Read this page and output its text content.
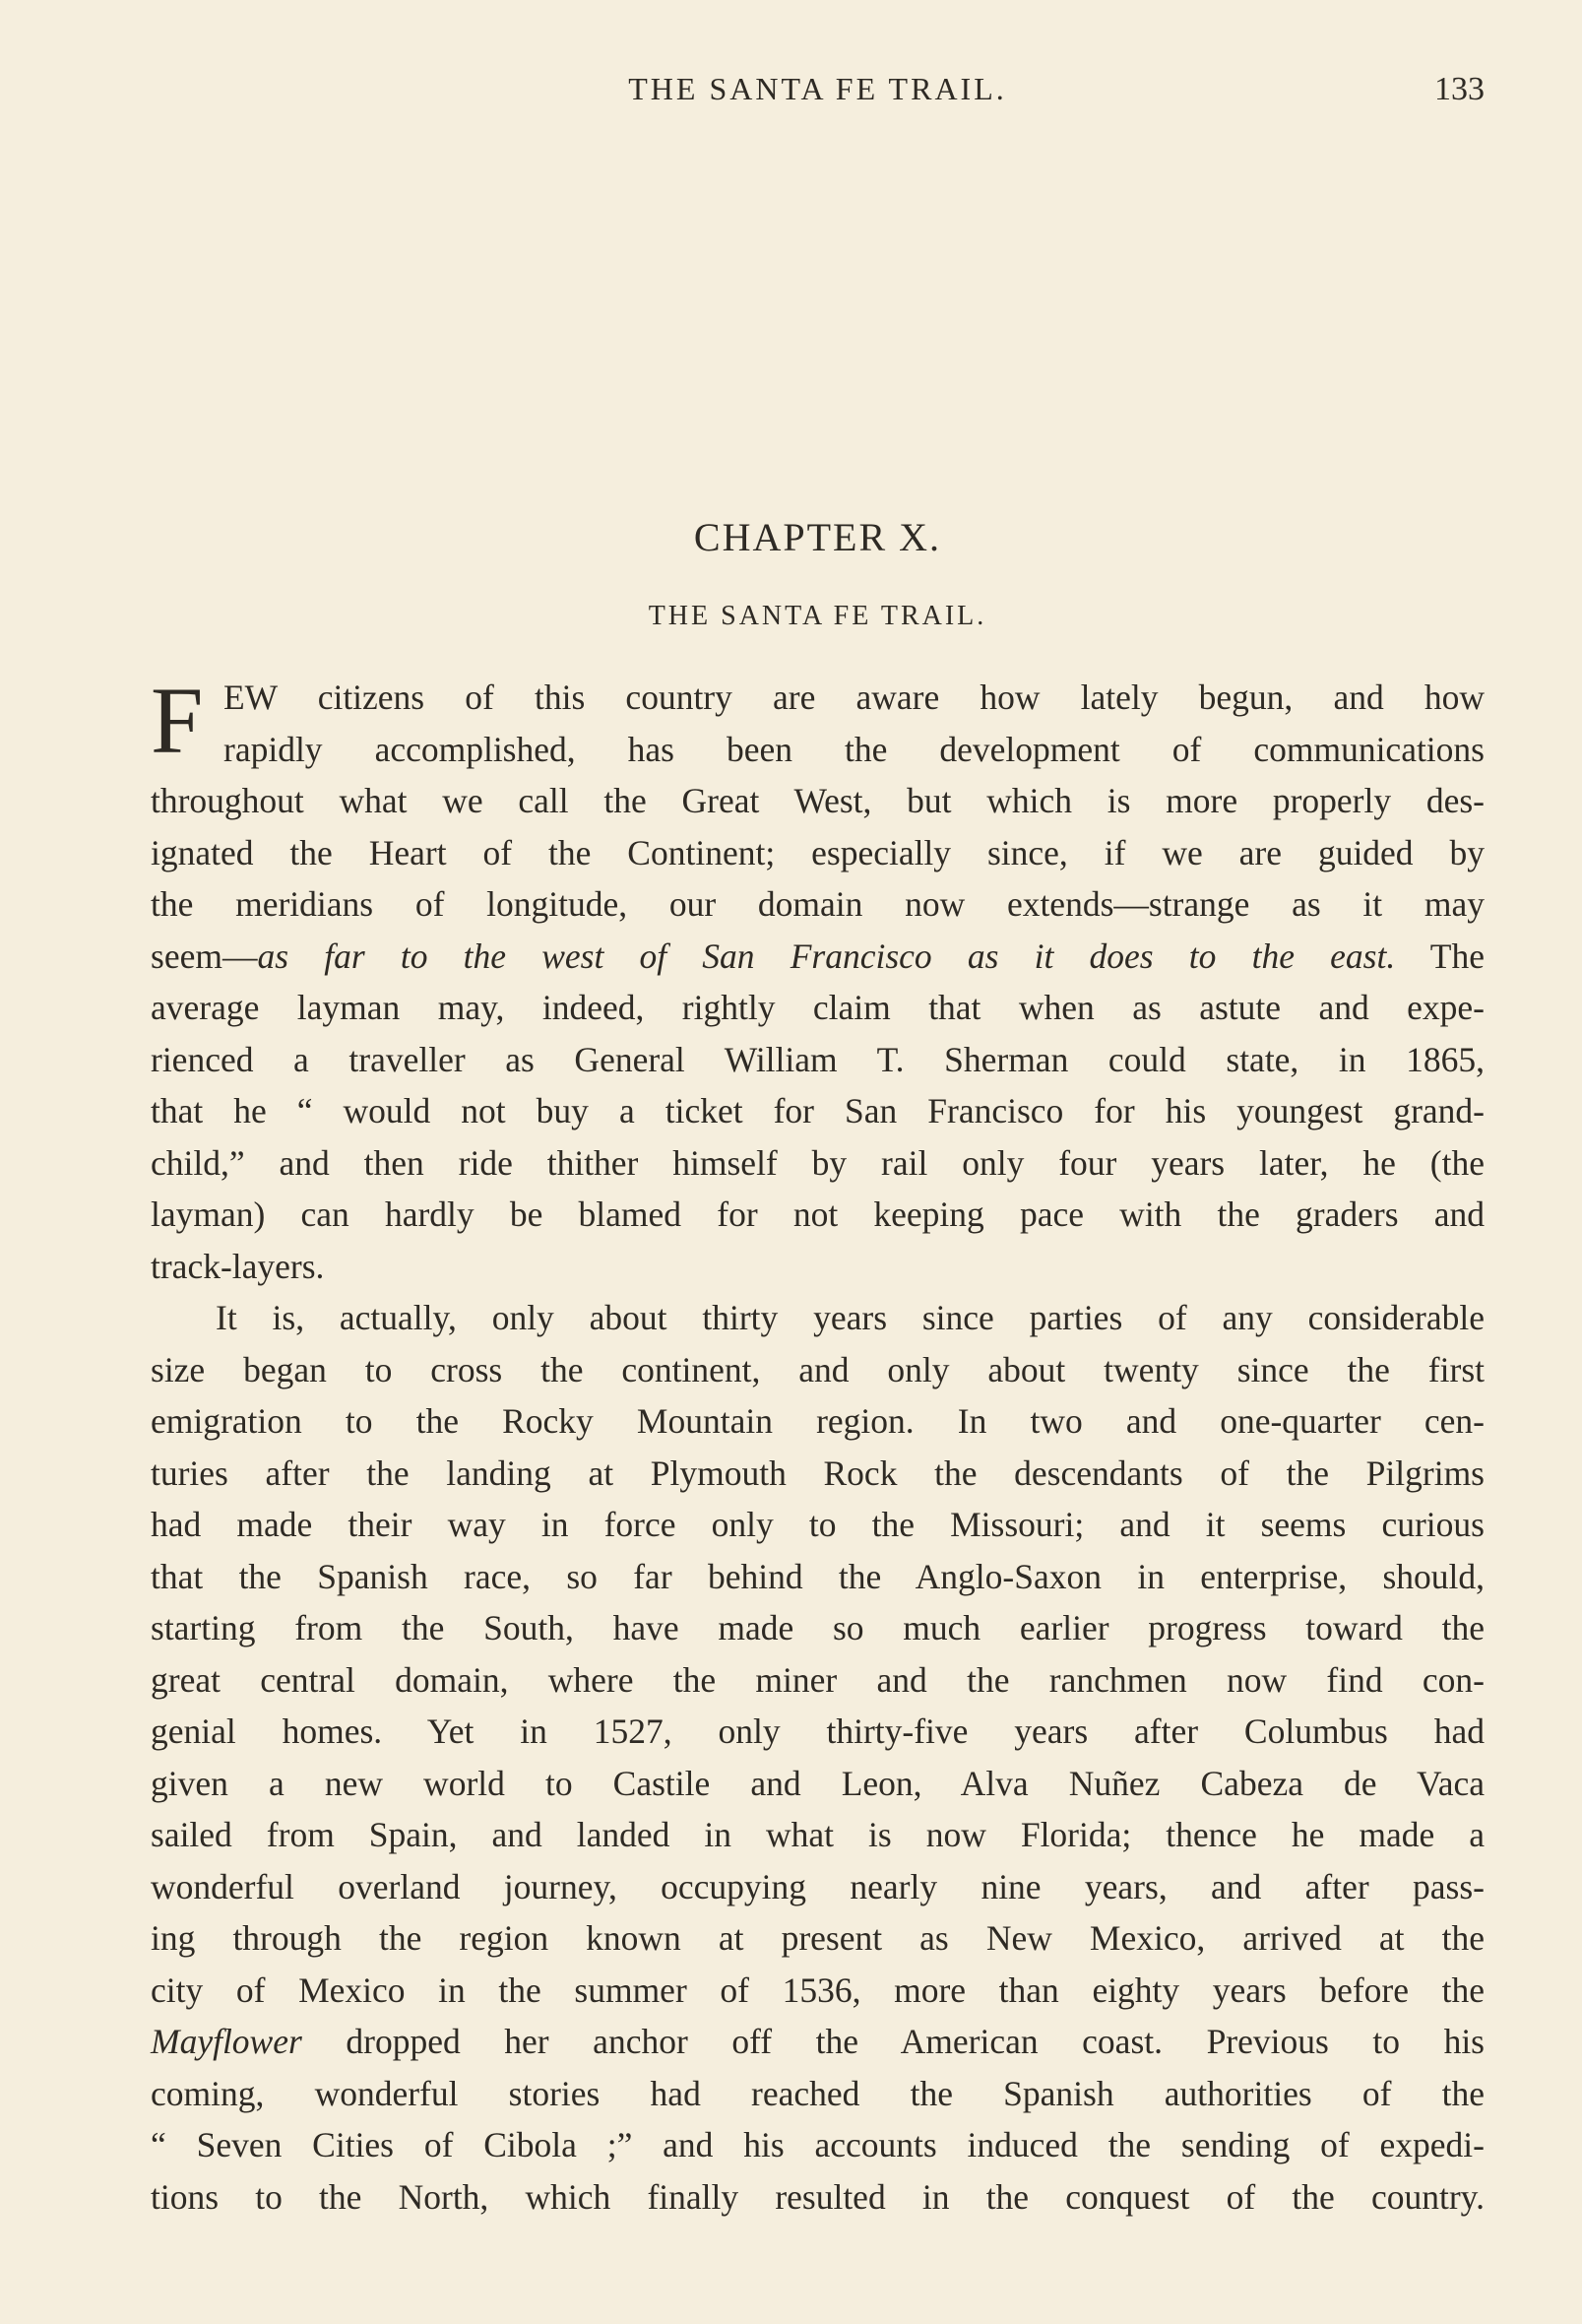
THE SANTA FE TRAIL.	133
CHAPTER X.
THE SANTA FE TRAIL.
F EW citizens of this country are aware how lately begun, and how
rapidly accomplished, has been the development of communications
throughout what we call the Great West, but which is more properly des-
ignated the Heart of the Continent; especially since, if we are guided by
the meridians of longitude, our domain now extends—strange as it may
seem—as far to the west of San Francisco as it does to the east. The
average layman may, indeed, rightly claim that when as astute and expe-
rienced a traveller as General William T. Sherman could state, in 1865,
that he “ would not buy a ticket for San Francisco for his youngest grand-
child,” and then ride thither himself by rail only four years later, he (the
layman) can hardly be blamed for not keeping pace with the graders and
track-layers.
It is, actually, only about thirty years since parties of any considerable
size began to cross the continent, and only about twenty since the first
emigration to the Rocky Mountain region. In two and one-quarter cen-
turies after the landing at Plymouth Rock the descendants of the Pilgrims
had made their way in force only to the Missouri; and it seems curious
that the Spanish race, so far behind the Anglo-Saxon in enterprise, should,
starting from the South, have made so much earlier progress toward the
great central domain, where the miner and the ranchmen now find con-
genial homes. Yet in 1527, only thirty-five years after Columbus had
given a new world to Castile and Leon, Alva Nuñez Cabeza de Vaca
sailed from Spain, and landed in what is now Florida; thence he made a
wonderful overland journey, occupying nearly nine years, and after pass-
ing through the region known at present as New Mexico, arrived at the
city of Mexico in the summer of 1536, more than eighty years before the
Mayflower dropped her anchor off the American coast. Previous to his
coming, wonderful stories had reached the Spanish authorities of the
“ Seven Cities of Cibola ;” and his accounts induced the sending of expedi-
tions to the North, which finally resulted in the conquest of the country.
